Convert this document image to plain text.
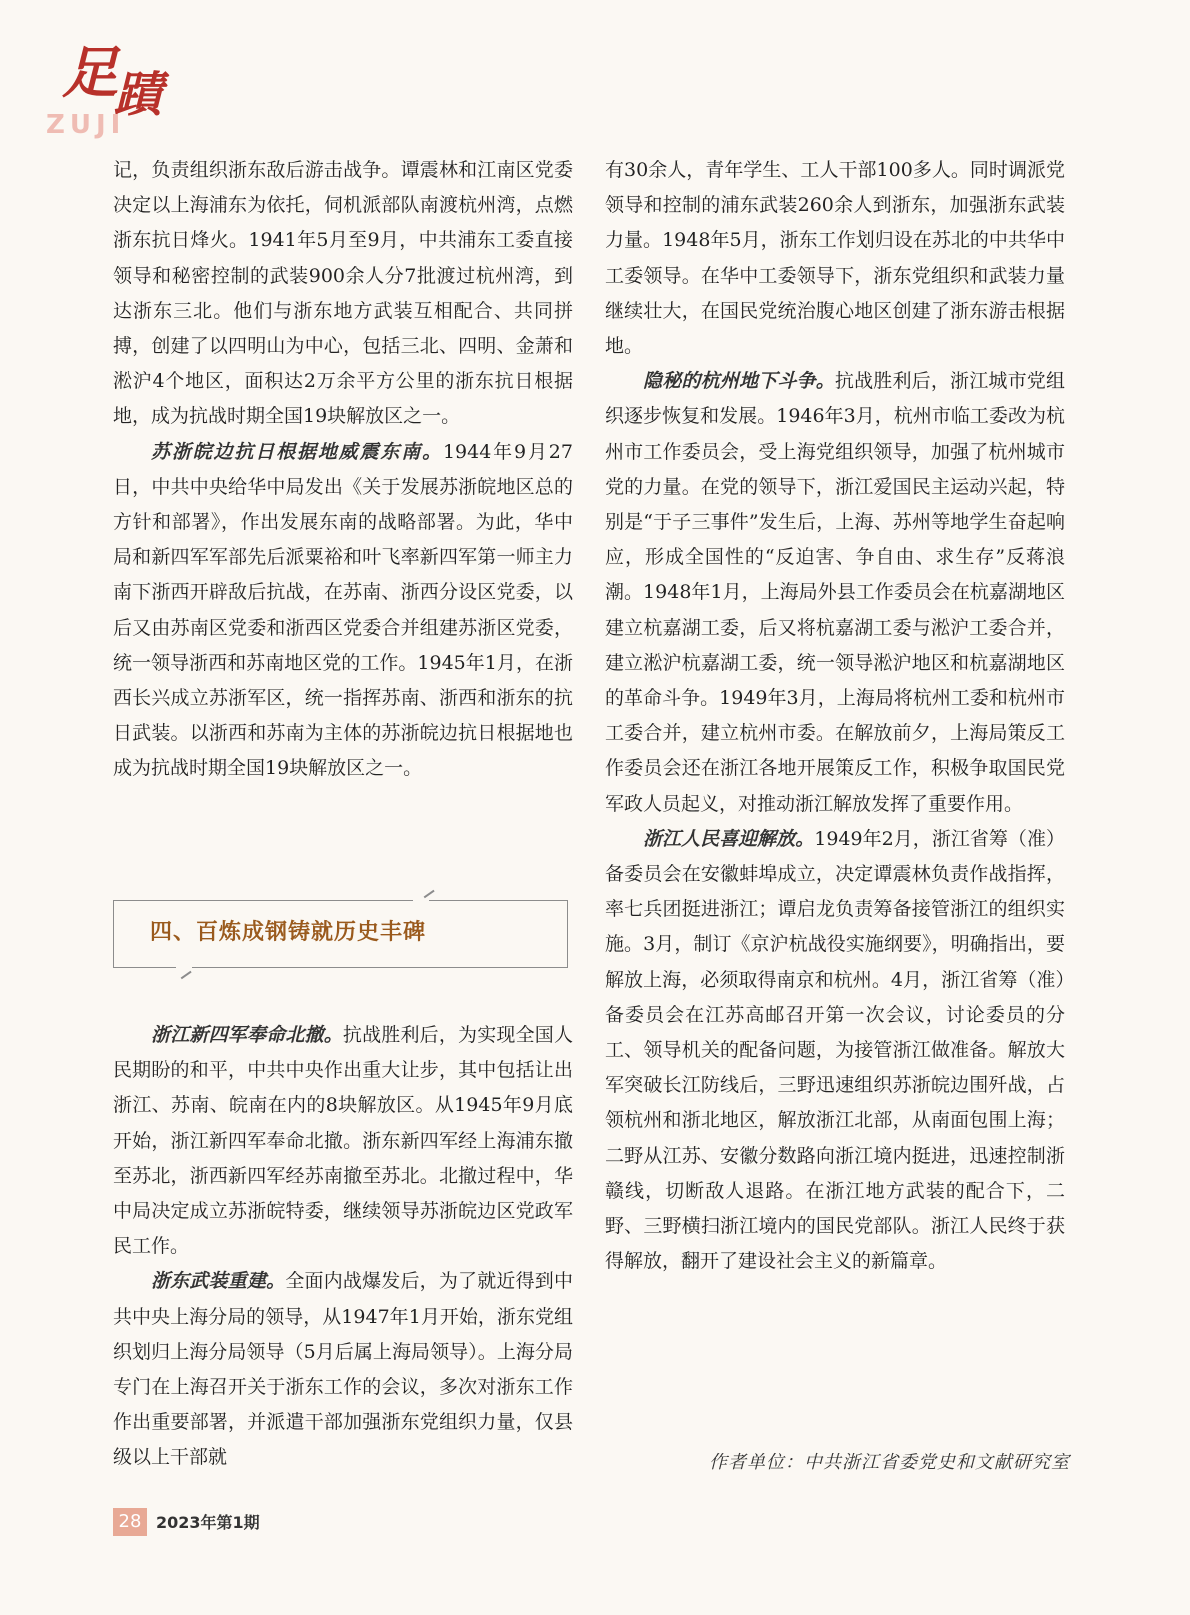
足蹟
ZUJI

记，负责组织浙东敌后游击战争。谭震林和江南区党委决定以上海浦东为依托，伺机派部队南渡杭州湾，点燃浙东抗日烽火。1941年5月至9月，中共浦东工委直接领导和秘密控制的武装900余人分7批渡过杭州湾，到达浙东三北。他们与浙东地方武装互相配合、共同拼搏，创建了以四明山为中心，包括三北、四明、金萧和淞沪4个地区，面积达2万余平方公里的浙东抗日根据地，成为抗战时期全国19块解放区之一。

苏浙皖边抗日根据地威震东南。1944年9月27日，中共中央给华中局发出《关于发展苏浙皖地区总的方针和部署》，作出发展东南的战略部署。为此，华中局和新四军军部先后派粟裕和叶飞率新四军第一师主力南下浙西开辟敌后抗战，在苏南、浙西分设区党委，以后又由苏南区党委和浙西区党委合并组建苏浙区党委，统一领导浙西和苏南地区党的工作。1945年1月，在浙西长兴成立苏浙军区，统一指挥苏南、浙西和浙东的抗日武装。以浙西和苏南为主体的苏浙皖边抗日根据地也成为抗战时期全国19块解放区之一。

四、百炼成钢铸就历史丰碑

浙江新四军奉命北撤。抗战胜利后，为实现全国人民期盼的和平，中共中央作出重大让步，其中包括让出浙江、苏南、皖南在内的8块解放区。从1945年9月底开始，浙江新四军奉命北撤。浙东新四军经上海浦东撤至苏北，浙西新四军经苏南撤至苏北。北撤过程中，华中局决定成立苏浙皖特委，继续领导苏浙皖边区党政军民工作。

浙东武装重建。全面内战爆发后，为了就近得到中共中央上海分局的领导，从1947年1月开始，浙东党组织划归上海分局领导（5月后属上海局领导）。上海分局专门在上海召开关于浙东工作的会议，多次对浙东工作作出重要部署，并派遣干部加强浙东党组织力量，仅县级以上干部就

有30余人，青年学生、工人干部100多人。同时调派党领导和控制的浦东武装260余人到浙东，加强浙东武装力量。1948年5月，浙东工作划归设在苏北的中共华中工委领导。在华中工委领导下，浙东党组织和武装力量继续壮大，在国民党统治腹心地区创建了浙东游击根据地。

隐秘的杭州地下斗争。抗战胜利后，浙江城市党组织逐步恢复和发展。1946年3月，杭州市临工委改为杭州市工作委员会，受上海党组织领导，加强了杭州城市党的力量。在党的领导下，浙江爱国民主运动兴起，特别是“于子三事件”发生后，上海、苏州等地学生奋起响应，形成全国性的“反迫害、争自由、求生存”反蒋浪潮。1948年1月，上海局外县工作委员会在杭嘉湖地区建立杭嘉湖工委，后又将杭嘉湖工委与淞沪工委合并，建立淞沪杭嘉湖工委，统一领导淞沪地区和杭嘉湖地区的革命斗争。1949年3月，上海局将杭州工委和杭州市工委合并，建立杭州市委。在解放前夕，上海局策反工作委员会还在浙江各地开展策反工作，积极争取国民党军政人员起义，对推动浙江解放发挥了重要作用。

浙江人民喜迎解放。1949年2月，浙江省筹（准）备委员会在安徽蚌埠成立，决定谭震林负责作战指挥，率七兵团挺进浙江；谭启龙负责筹备接管浙江的组织实施。3月，制订《京沪杭战役实施纲要》，明确指出，要解放上海，必须取得南京和杭州。4月，浙江省筹（准）备委员会在江苏高邮召开第一次会议，讨论委员的分工、领导机关的配备问题，为接管浙江做准备。解放大军突破长江防线后，三野迅速组织苏浙皖边围歼战，占领杭州和浙北地区，解放浙江北部，从南面包围上海；二野从江苏、安徽分数路向浙江境内挺进，迅速控制浙赣线，切断敌人退路。在浙江地方武装的配合下，二野、三野横扫浙江境内的国民党部队。浙江人民终于获得解放，翻开了建设社会主义的新篇章。

作者单位：中共浙江省委党史和文献研究室
28 2023年第1期
